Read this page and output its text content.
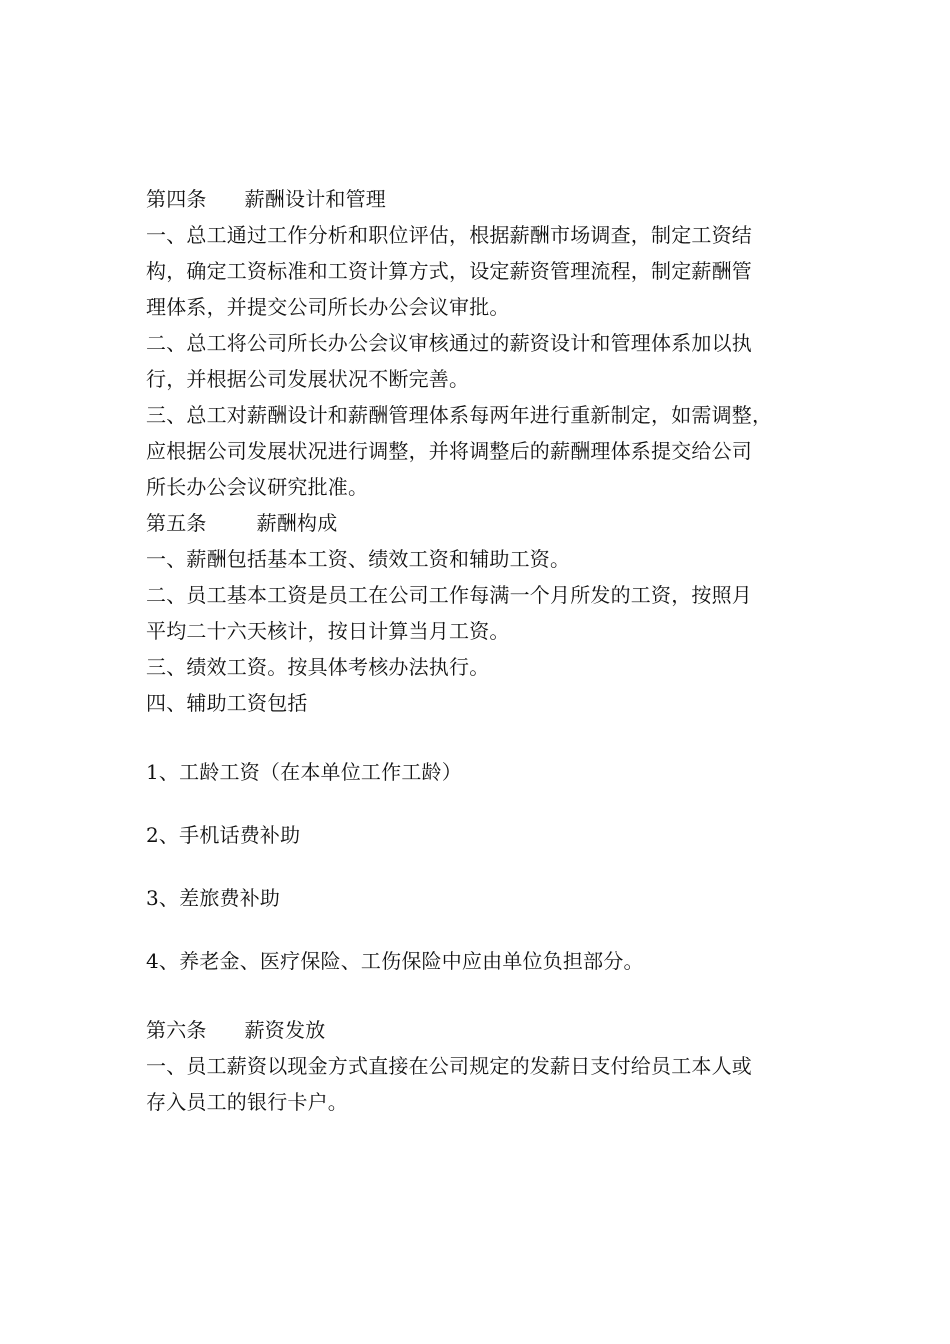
第四条 薪酬设计和管理
一、总工通过工作分析和职位评估，根据薪酬市场调查，制定工资结
构，确定工资标准和工资计算方式，设定薪资管理流程，制定薪酬管
理体系，并提交公司所长办公会议审批。
二、总工将公司所长办公会议审核通过的薪资设计和管理体系加以执
行，并根据公司发展状况不断完善。
三、总工对薪酬设计和薪酬管理体系每两年进行重新制定，如需调整，
应根据公司发展状况进行调整，并将调整后的薪酬理体系提交给公司
所长办公会议研究批准。
第五条	薪酬构成
一、薪酬包括基本工资、绩效工资和辅助工资。
二、员工基本工资是员工在公司工作每满一个月所发的工资，按照月
平均二十六天核计，按日计算当月工资。
三、绩效工资。按具体考核办法执行。
四、辅助工资包括
1、工龄工资（在本单位工作工龄）
2、手机话费补助
3、差旅费补助
4、养老金、医疗保险、工伤保险中应由单位负担部分。
第六条 薪资发放
一、员工薪资以现金方式直接在公司规定的发薪日支付给员工本人或
存入员工的银行卡户。
